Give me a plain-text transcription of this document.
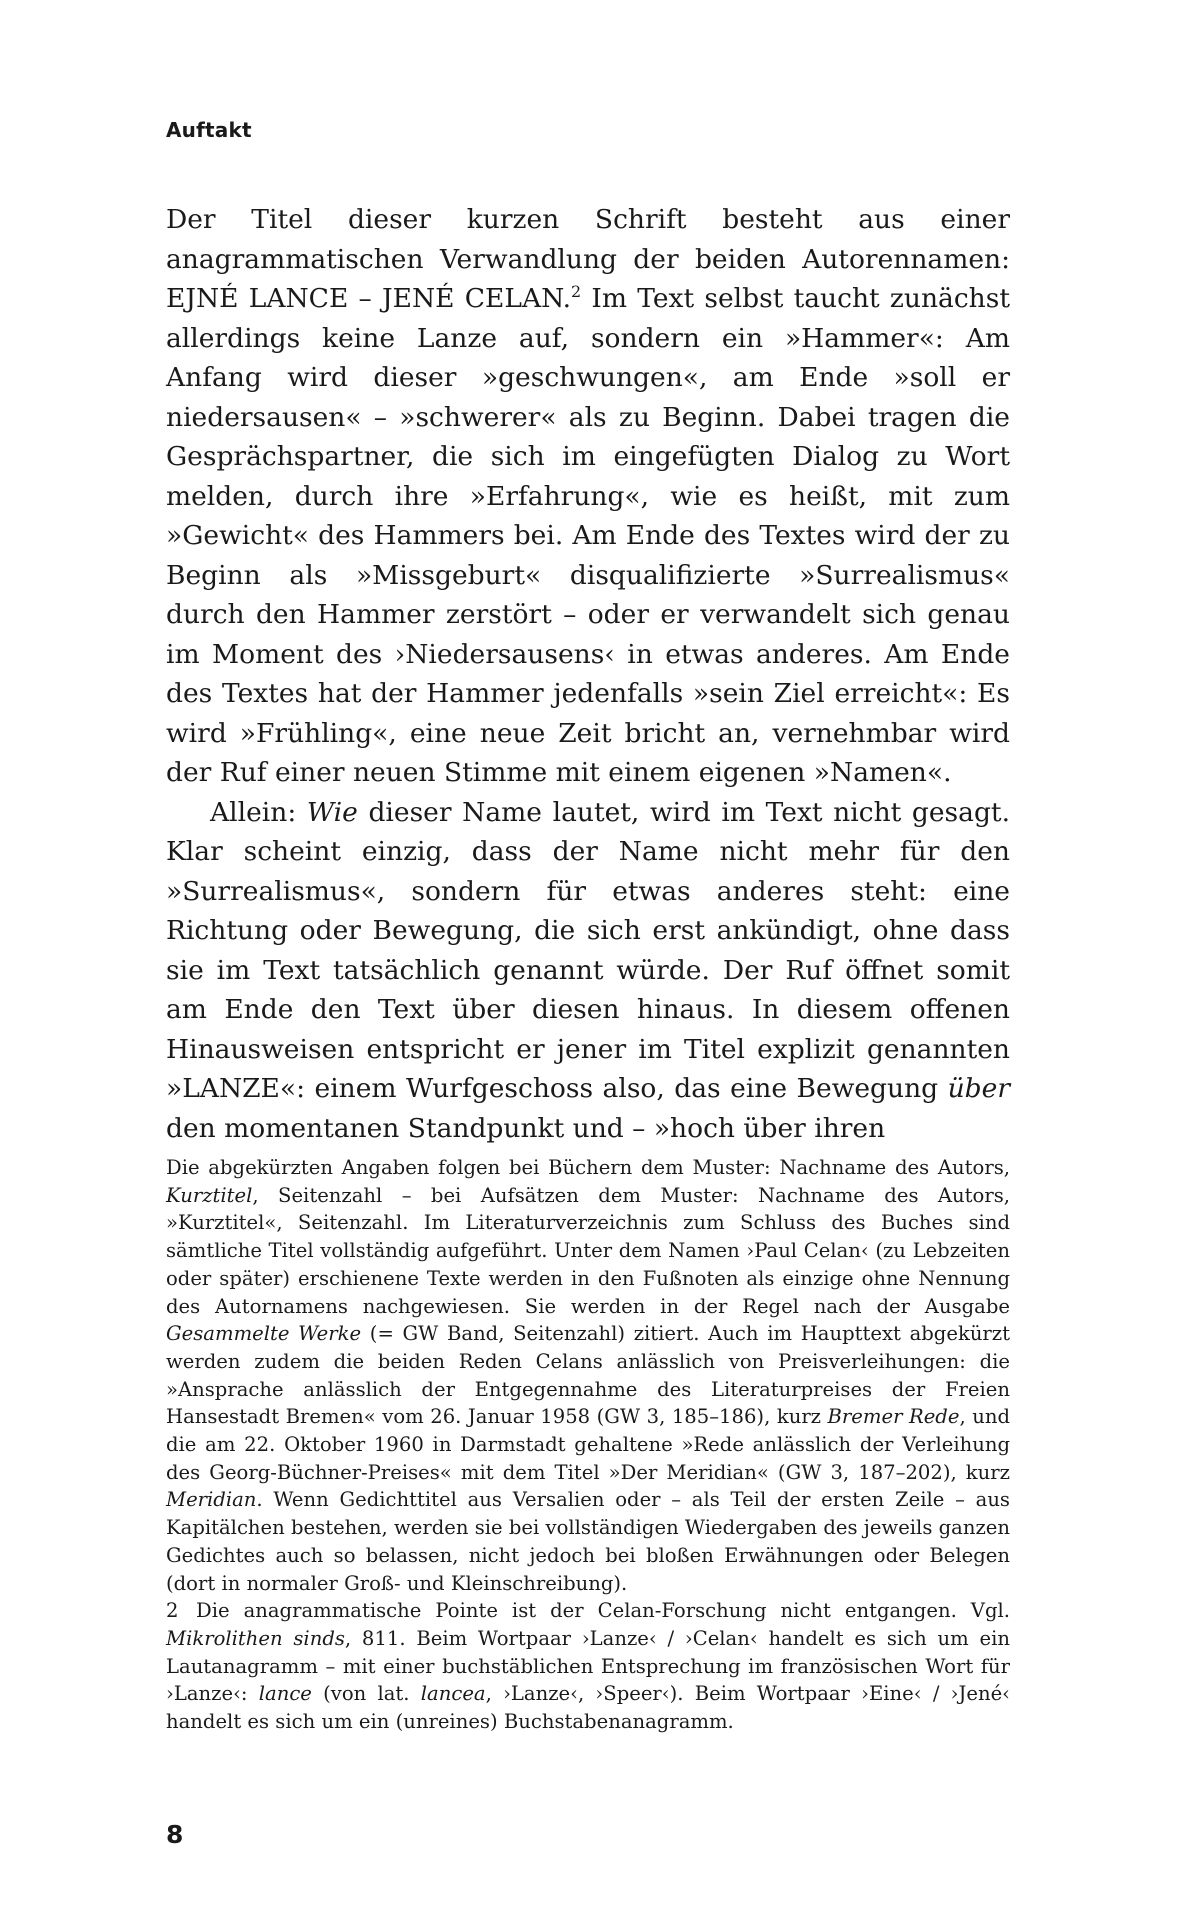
Auftakt

Der Titel dieser kurzen Schrift besteht aus einer anagrammatischen Verwandlung der beiden Autorennamen: EJNÉ LANCE – JENÉ CELAN.$^2$ Im Text selbst taucht zunächst allerdings keine Lanze auf, sondern ein »Hammer«: Am Anfang wird dieser »geschwungen«, am Ende »soll er niedersausen« – »schwerer« als zu Beginn. Dabei tragen die Gesprächspartner, die sich im eingefügten Dialog zu Wort melden, durch ihre »Erfahrung«, wie es heißt, mit zum »Gewicht« des Hammers bei. Am Ende des Textes wird der zu Beginn als »Missgeburt« disqualifizierte »Surrealismus« durch den Hammer zerstört – oder er verwandelt sich genau im Moment des ›Niedersausens‹ in etwas anderes. Am Ende des Textes hat der Hammer jedenfalls »sein Ziel erreicht«: Es wird »Frühling«, eine neue Zeit bricht an, vernehmbar wird der Ruf einer neuen Stimme mit einem eigenen »Namen«.

Allein: Wie dieser Name lautet, wird im Text nicht gesagt. Klar scheint einzig, dass der Name nicht mehr für den »Surrealismus«, sondern für etwas anderes steht: eine Richtung oder Bewegung, die sich erst ankündigt, ohne dass sie im Text tatsächlich genannt würde. Der Ruf öffnet somit am Ende den Text über diesen hinaus. In diesem offenen Hinausweisen entspricht er jener im Titel explizit genannten »LANZE«: einem Wurfgeschoss also, das eine Bewegung über den momentanen Standpunkt und – »hoch über ihren

Die abgekürzten Angaben folgen bei Büchern dem Muster: Nachname des Autors, Kurztitel, Seitenzahl – bei Aufsätzen dem Muster: Nachname des Autors, »Kurztitel«, Seitenzahl. Im Literaturverzeichnis zum Schluss des Buches sind sämtliche Titel vollständig aufgeführt. Unter dem Namen ›Paul Celan‹ (zu Lebzeiten oder später) erschienene Texte werden in den Fußnoten als einzige ohne Nennung des Autornamens nachgewiesen. Sie werden in der Regel nach der Ausgabe Gesammelte Werke (= GW Band, Seitenzahl) zitiert. Auch im Haupttext abgekürzt werden zudem die beiden Reden Celans anlässlich von Preisverleihungen: die »Ansprache anlässlich der Entgegennahme des Literaturpreises der Freien Hansestadt Bremen« vom 26. Januar 1958 (GW 3, 185–186), kurz Bremer Rede, und die am 22. Oktober 1960 in Darmstadt gehaltene »Rede anlässlich der Verleihung des Georg-Büchner-Preises« mit dem Titel »Der Meridian« (GW 3, 187–202), kurz Meridian. Wenn Gedichttitel aus Versalien oder – als Teil der ersten Zeile – aus Kapitälchen bestehen, werden sie bei vollständigen Wiedergaben des jeweils ganzen Gedichtes auch so belassen, nicht jedoch bei bloßen Erwähnungen oder Belegen (dort in normaler Groß- und Kleinschreibung).

2 Die anagrammatische Pointe ist der Celan-Forschung nicht entgangen. Vgl. Mikrolithen sinds, 811. Beim Wortpaar ›Lanze‹ / ›Celan‹ handelt es sich um ein Lautanagramm – mit einer buchstäblichen Entsprechung im französischen Wort für ›Lanze‹: lance (von lat. lancea, ›Lanze‹, ›Speer‹). Beim Wortpaar ›Eine‹ / ›Jené‹ handelt es sich um ein (unreines) Buchstabenanagramm.

8
